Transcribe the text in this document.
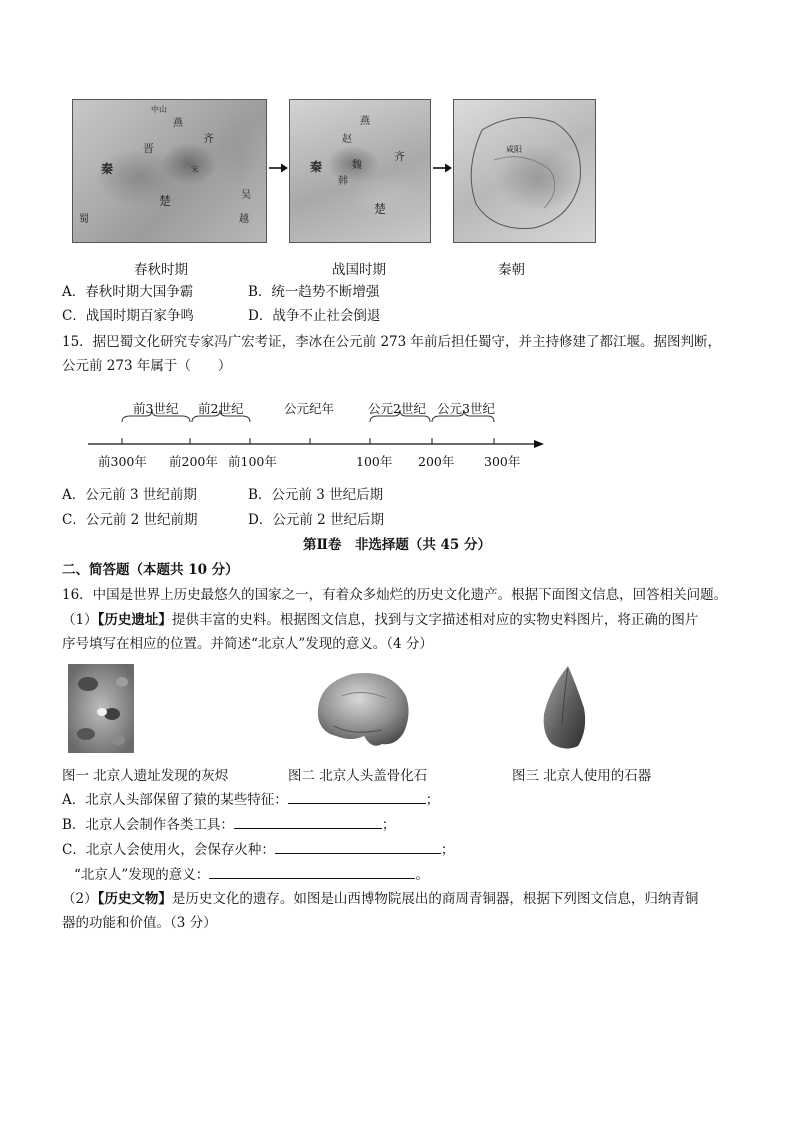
中山
燕
齐
晋
秦
楚	吴
越
宋
蜀
燕
赵
魏
秦
韩
齐
楚
咸阳
春秋时期	战国时期	秦朝
A．春秋时期大国争霸	B．统一趋势不断增强
C．战国时期百家争鸣	D．战争不止社会倒退
15．据巴蜀文化研究专家冯广宏考证，李冰在公元前 273 年前后担任蜀守，并主持修建了都江堰。据图判断，
公元前 273 年属于（　　）
前3世纪 前2世纪	公元纪年	公元2世纪 公元3世纪
前300年 前200年 前100年	100年 200年 300年
A．公元前 3 世纪前期	B．公元前 3 世纪后期
C．公元前 2 世纪前期	D．公元前 2 世纪后期
第Ⅱ卷　非选择题（共 45 分）
二、简答题（本题共 10 分）
16．中国是世界上历史最悠久的国家之一，有着众多灿烂的历史文化遗产。根据下面图文信息，回答相关问题。
（1）【历史遗址】提供丰富的史料。根据图文信息，找到与文字描述相对应的实物史料图片，将正确的图片
序号填写在相应的位置。并简述“北京人”发现的意义。（4 分）
图一 北京人遗址发现的灰烬	图二 北京人头盖骨化石	图三 北京人使用的石器
A．北京人头部保留了猿的某些特征：	；
B．北京人会制作各类工具：	；
C．北京人会使用火，会保存火种：	；
“北京人”发现的意义：	。
（2）【历史文物】是历史文化的遗存。如图是山西博物院展出的商周青铜器，根据下列图文信息，归纳青铜
器的功能和价值。（3 分）
